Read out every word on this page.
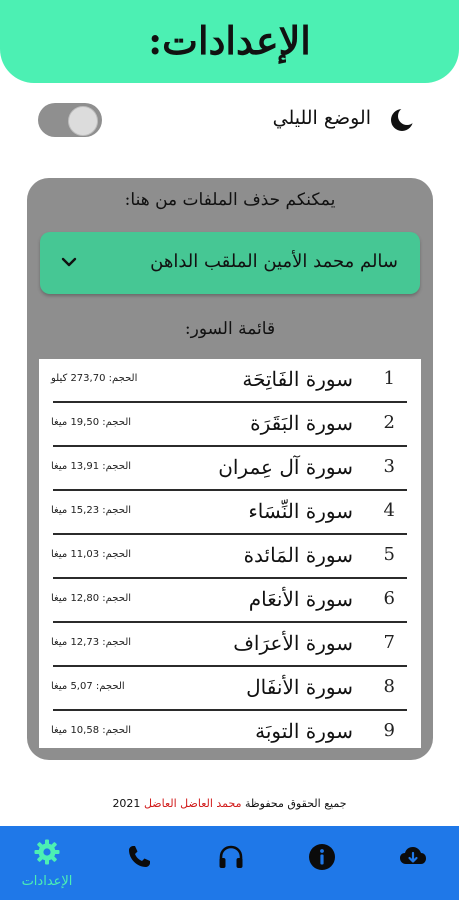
الإعدادات:
الوضع الليلي
يمكنكم حذف الملفات من هنا:
سالم محمد الأمين الملقب الداهن
قائمة السور:
1
سورة الفَاتِحَة
الحجم: 273,70 كيلو
2
سورة البَقَرَة
الحجم: 19,50 ميغا
3
سورة آل عِمران
الحجم: 13,91 ميغا
4
سورة النِّسَاء
الحجم: 15,23 ميغا
5
سورة المَائدة
الحجم: 11,03 ميغا
6
سورة الأنعَام
الحجم: 12,80 ميغا
7
سورة الأعرَاف
الحجم: 12,73 ميغا
8
سورة الأنفَال
الحجم: 5,07 ميغا
9
سورة التوبَة
الحجم: 10,58 ميغا
جميع الحقوق محفوظة محمد العاضل العاضل 2021
الإعدادات
